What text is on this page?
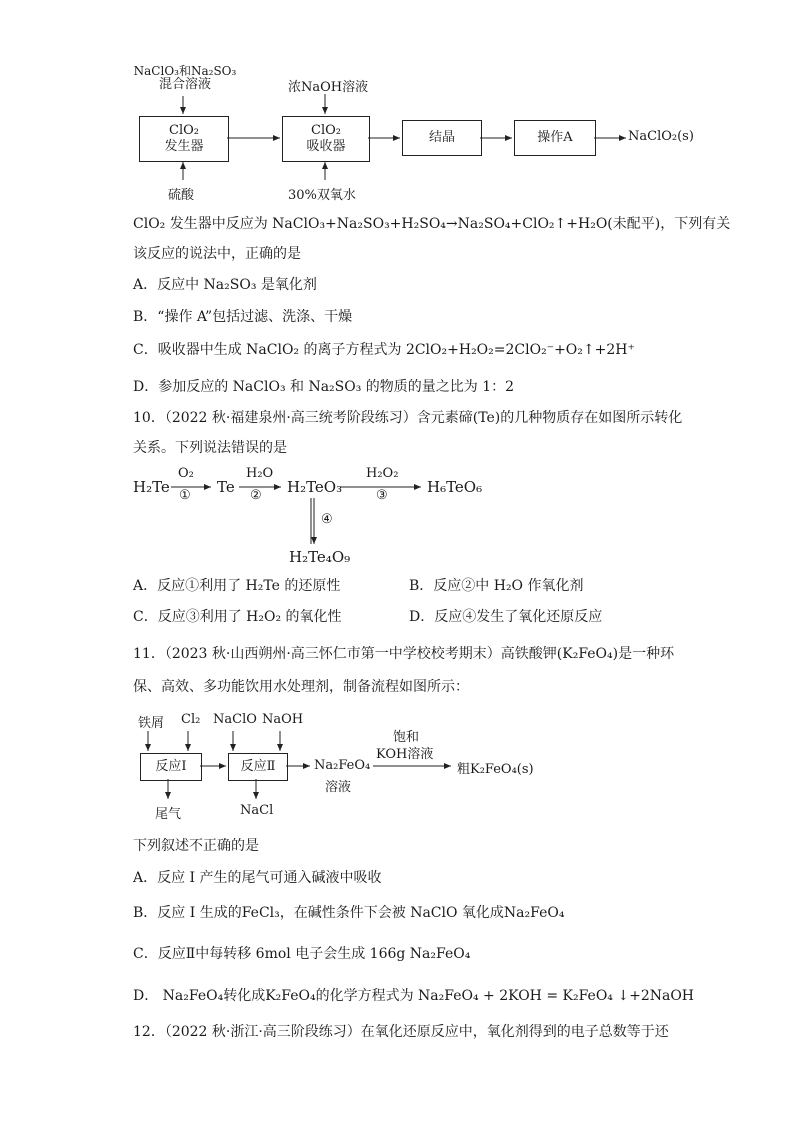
NaClO₃和Na₂SO₃
混合溶液	浓NaOH溶液
ClO₂
发生器
ClO₂
吸收器
结晶	操作A	NaClO₂(s)
硫酸	30%双氧水
ClO₂ 发生器中反应为 NaClO₃+Na₂SO₃+H₂SO₄→Na₂SO₄+ClO₂↑+H₂O(未配平)，下列有关
该反应的说法中，正确的是
A．反应中 Na₂SO₃ 是氧化剂
B．“操作 A”包括过滤、洗涤、干燥
C．吸收器中生成 NaClO₂ 的离子方程式为 2ClO₂+H₂O₂=2ClO₂⁻+O₂↑+2H⁺
D．参加反应的 NaClO₃ 和 Na₂SO₃ 的物质的量之比为 1：2
10．（2022 秋·福建泉州·高三统考阶段练习）含元素碲(Te)的几种物质存在如图所示转化
关系。下列说法错误的是
H₂Te
O₂
① Te
H₂O
② H₂TeO₃
H₂O₂
③	H₆TeO₆
④
H₂Te₄O₉
A．反应①利用了 H₂Te 的还原性	B．反应②中 H₂O 作氧化剂
C．反应③利用了 H₂O₂ 的氧化性	D．反应④发生了氧化还原反应
11．（2023 秋·山西朔州·高三怀仁市第一中学校校考期末）高铁酸钾(K₂FeO₄)是一种环
保、高效、多功能饮用水处理剂，制备流程如图所示：
铁屑 Cl₂ NaClO NaOH
反应Ⅰ	反应Ⅱ	Na₂FeO₄
溶液
饱和
KOH溶液
粗K₂FeO₄(s)
尾气	NaCl
下列叙述不正确的是
A．反应 I 产生的尾气可通入碱液中吸收
B．反应 I 生成的FeCl₃，在碱性条件下会被 NaClO 氧化成Na₂FeO₄
C．反应Ⅱ中每转移 6mol 电子会生成 166g Na₂FeO₄
D． Na₂FeO₄转化成K₂FeO₄的化学方程式为 Na₂FeO₄ + 2KOH = K₂FeO₄ ↓+2NaOH
12．（2022 秋·浙江·高三阶段练习）在氧化还原反应中，氧化剂得到的电子总数等于还
